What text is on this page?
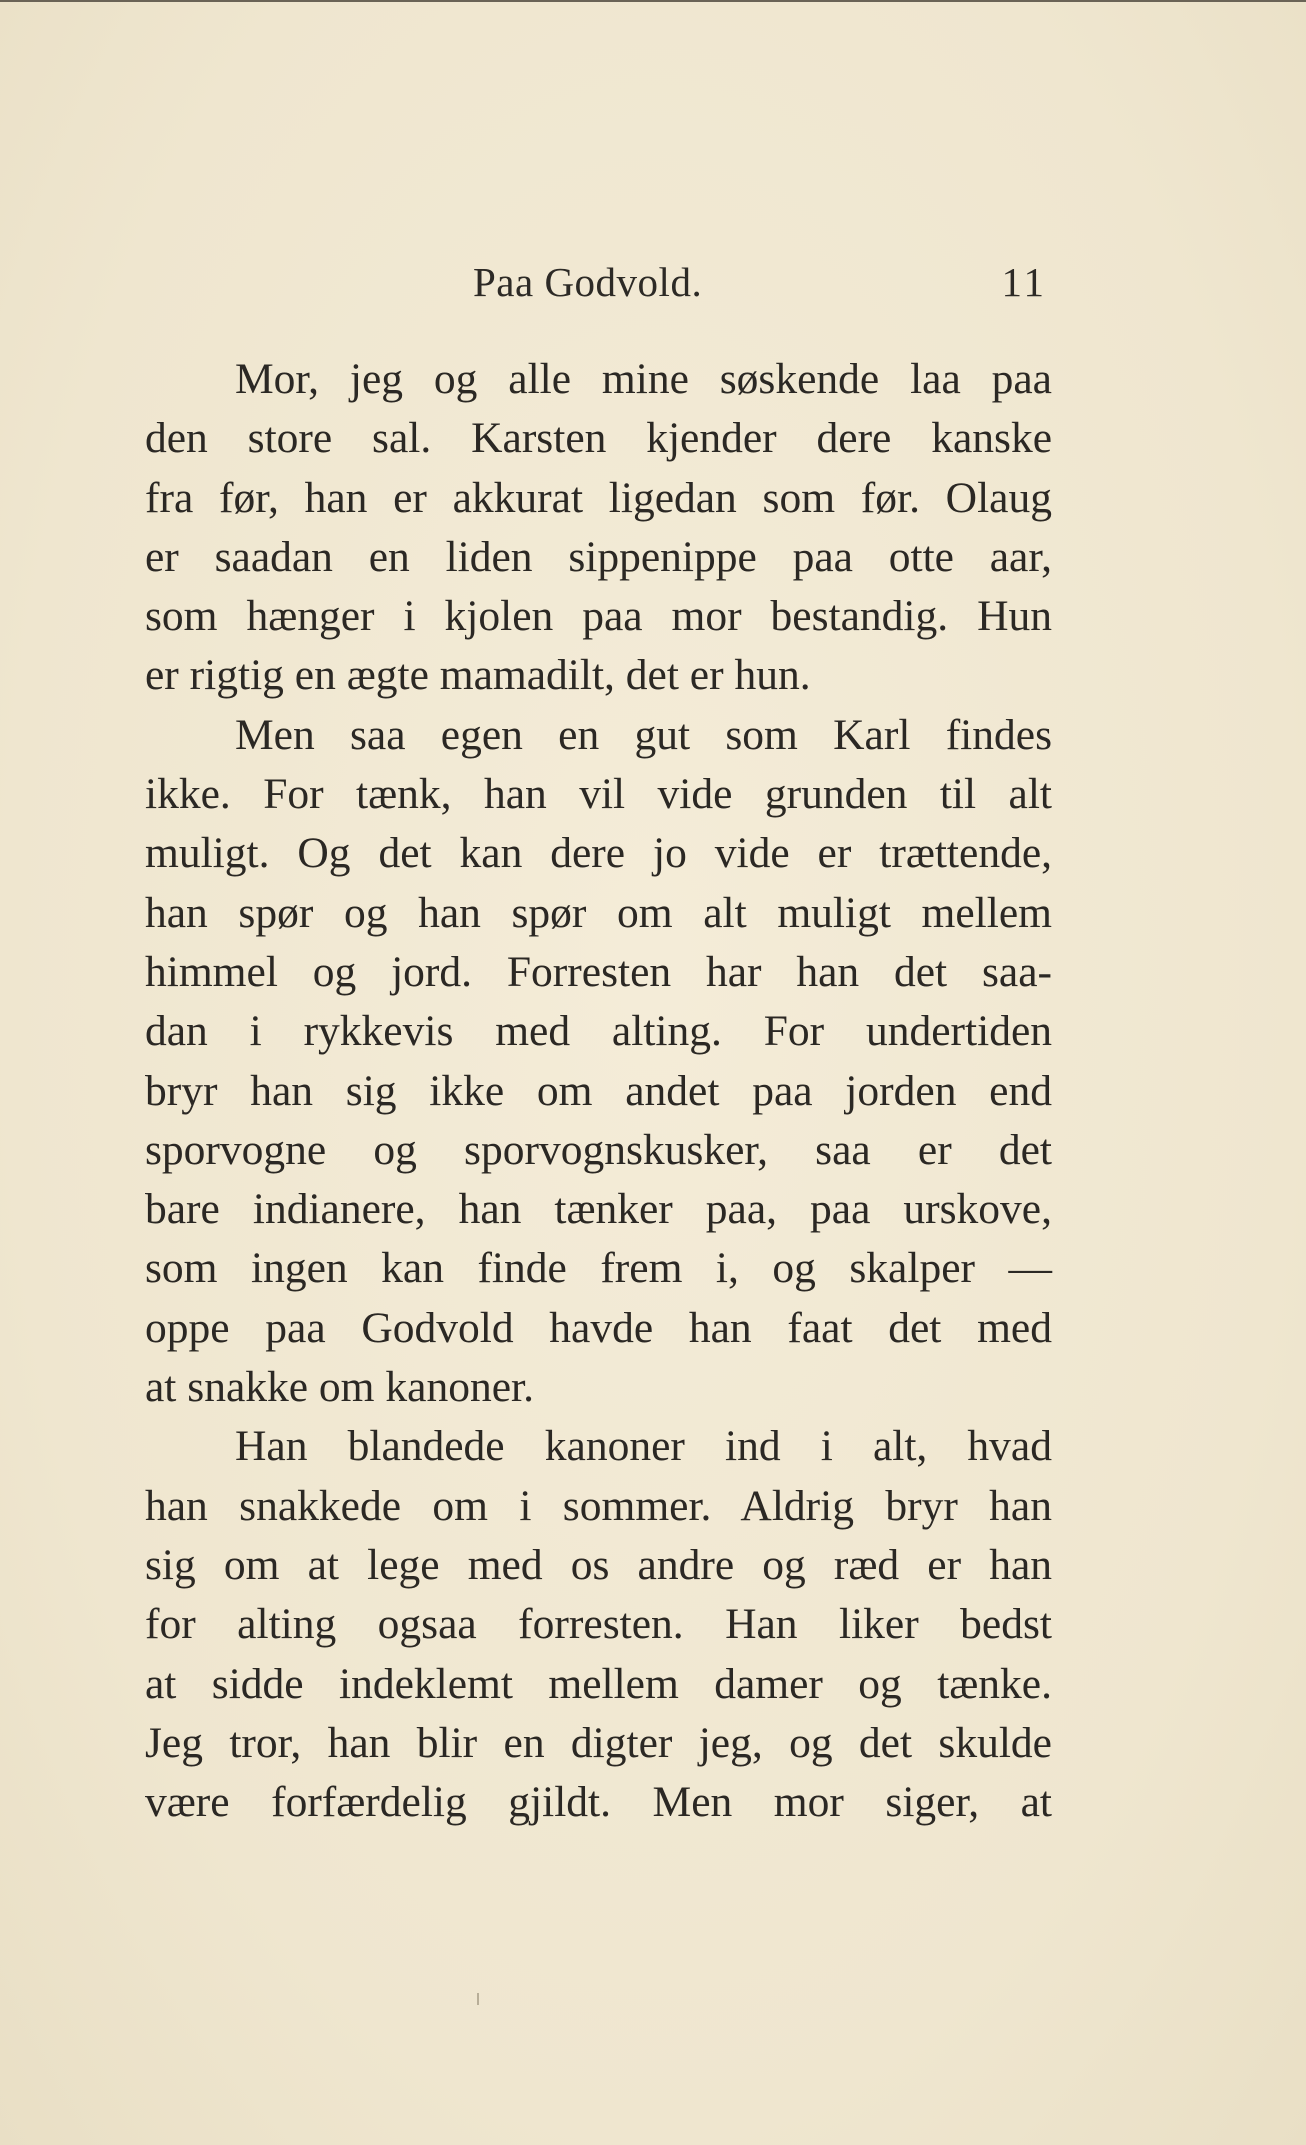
Paa Godvold.	11
Mor, jeg og alle mine søskende laa paa
den store sal. Karsten kjender dere kanske
fra før, han er akkurat ligedan som før. Olaug
er saadan en liden sippenippe paa otte aar,
som hænger i kjolen paa mor bestandig. Hun
er rigtig en ægte mamadilt, det er hun.
Men saa egen en gut som Karl findes
ikke. For tænk, han vil vide grunden til alt
muligt. Og det kan dere jo vide er trættende,
han spør og han spør om alt muligt mellem
himmel og jord. Forresten har han det saa-
dan i rykkevis med alting. For undertiden
bryr han sig ikke om andet paa jorden end
sporvogne og sporvognskusker, saa er det
bare indianere, han tænker paa, paa urskove,
som ingen kan finde frem i, og skalper —
oppe paa Godvold havde han faat det med
at snakke om kanoner.
Han blandede kanoner ind i alt, hvad
han snakkede om i sommer. Aldrig bryr han
sig om at lege med os andre og ræd er han
for alting ogsaa forresten. Han liker bedst
at sidde indeklemt mellem damer og tænke.
Jeg tror, han blir en digter jeg, og det skulde
være forfærdelig gjildt. Men mor siger, at
